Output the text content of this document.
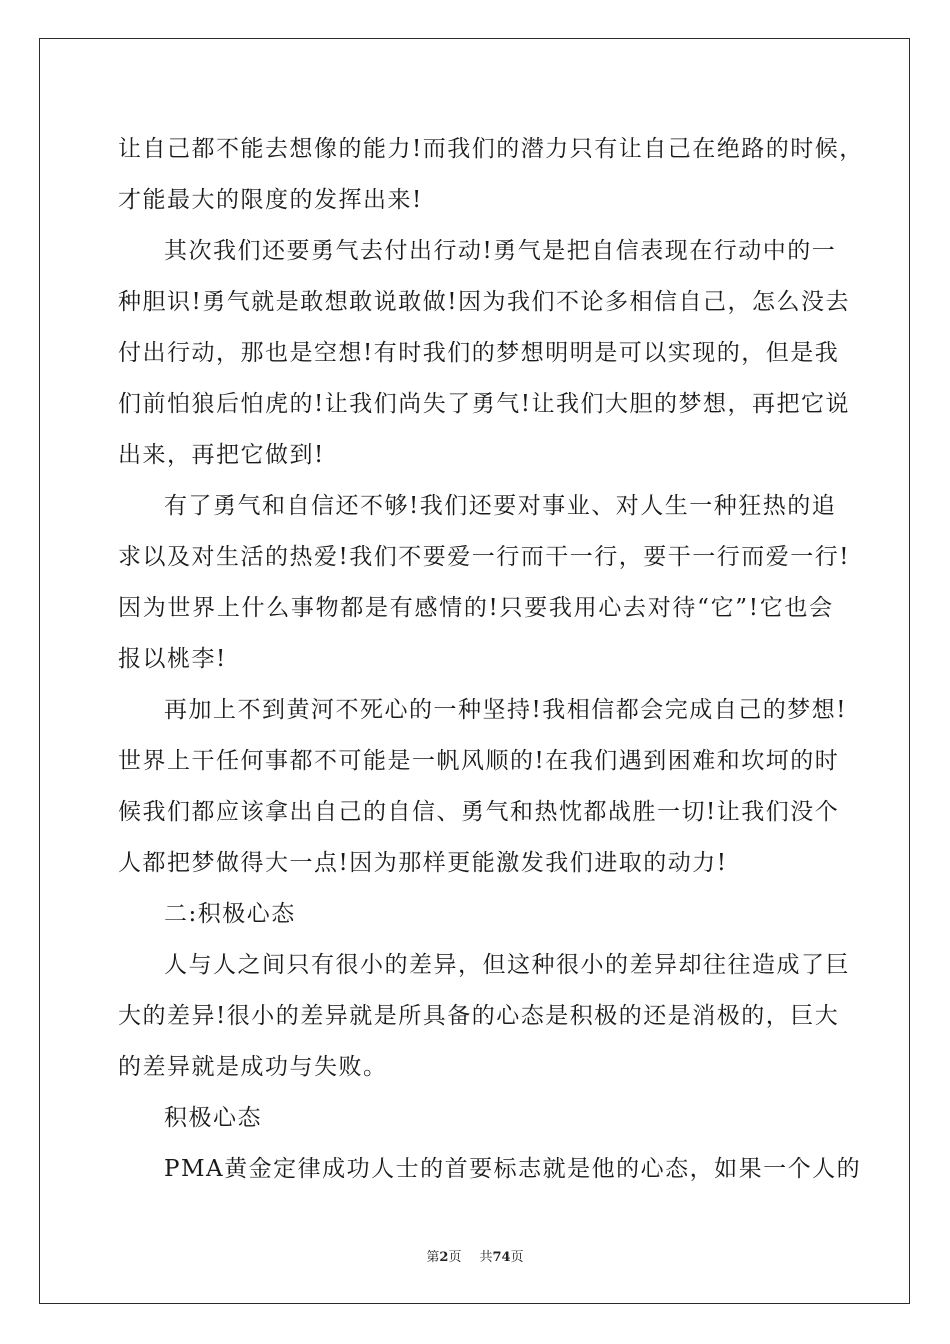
让 自 己 都 不 能 去 想 像 的 能 力 ! 而 我 们 的 潜 力 只 有 让 自 己 在 绝 路 的 时 候 ，
才能最大的限度的发挥出来!
其 次 我 们 还 要 勇 气 去 付 出 行 动 ! 勇 气 是 把 自 信 表 现 在 行 动 中 的 一
种 胆 识 ! 勇 气 就 是 敢 想 敢 说 敢 做 ! 因 为 我 们 不 论 多 相 信 自 己 ， 怎 么 没 去
付 出 行 动 ， 那 也 是 空 想 ! 有 时 我 们 的 梦 想 明 明 是 可 以 实 现 的 ， 但 是 我
们 前 怕 狼 后 怕 虎 的 ! 让 我 们 尚 失 了 勇 气 ! 让 我 们 大 胆 的 梦 想 ， 再 把 它 说
出来，再把它做到!
有 了 勇 气 和 自 信 还 不 够 ! 我 们 还 要 对 事 业 、 对 人 生 一 种 狂 热 的 追
求 以 及 对 生 活 的 热 爱 ! 我 们 不 要 爱 一 行 而 干 一 行 ， 要 干 一 行 而 爱 一 行 !
因 为 世 界 上 什 么 事 物 都 是 有 感 情 的 ! 只 要 我 用 心 去 对 待 “ 它 ” ! 它 也 会
报以桃李!
再 加 上 不 到 黄 河 不 死 心 的 一 种 坚 持 ! 我 相 信 都 会 完 成 自 己 的 梦 想 !
世 界 上 干 任 何 事 都 不 可 能 是 一 帆 风 顺 的 ! 在 我 们 遇 到 困 难 和 坎 坷 的 时
候 我 们 都 应 该 拿 出 自 己 的 自 信 、 勇 气 和 热 忱 都 战 胜 一 切 ! 让 我 们 没 个
人都把梦做得大一点!因为那样更能激发我们进取的动力!
二:积极心态
人 与 人 之 间 只 有 很 小 的 差 异 ， 但 这 种 很 小 的 差 异 却 往 往 造 成 了 巨
大 的 差 异 ! 很 小 的 差 异 就 是 所 具 备 的 心 态 是 积 极 的 还 是 消 极 的 ， 巨 大
的差异就是成功与失败。
积极心态
PMA 黄 金 定 律 成 功 人 士 的 首 要 标 志 就 是 他 的 心 态 ， 如 果 一 个 人 的
第2页 共74页
